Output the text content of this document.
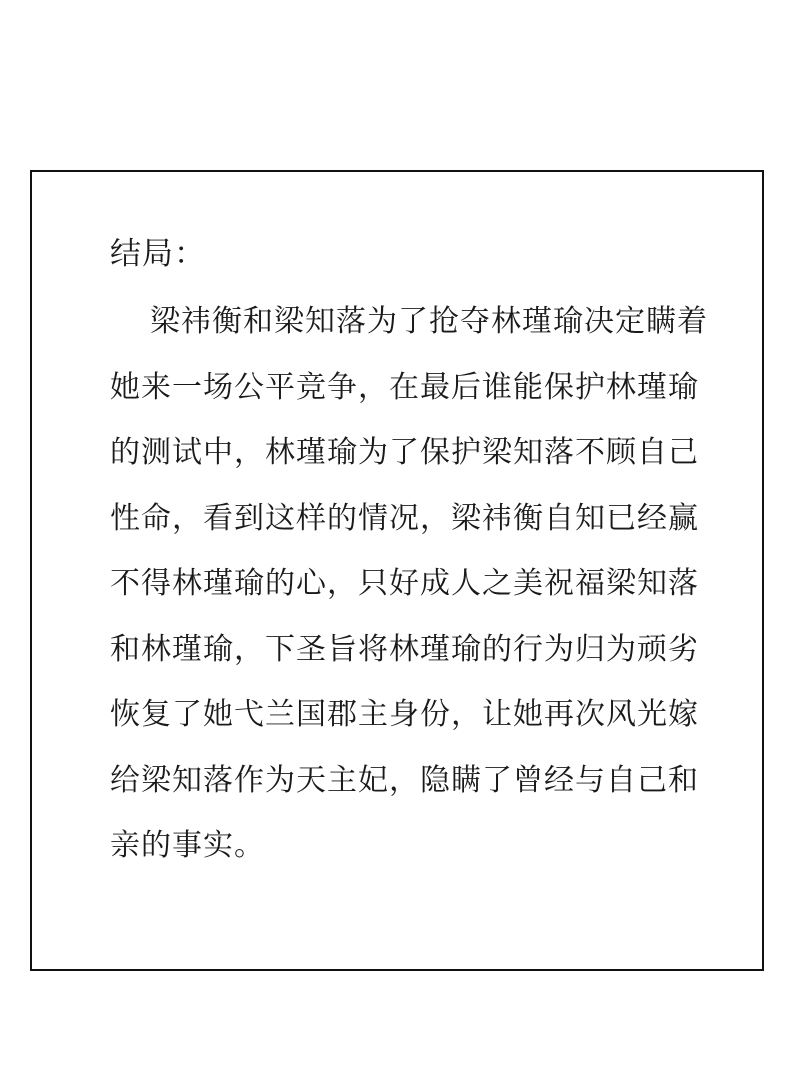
结局：
梁祎衡和梁知落为了抢夺林瑾瑜决定瞒着
她来一场公平竞争，在最后谁能保护林瑾瑜
的测试中，林瑾瑜为了保护梁知落不顾自己
性命，看到这样的情况，梁祎衡自知已经赢
不得林瑾瑜的心，只好成人之美祝福梁知落
和林瑾瑜，下圣旨将林瑾瑜的行为归为顽劣
恢复了她弋兰国郡主身份，让她再次风光嫁
给梁知落作为天主妃，隐瞒了曾经与自己和
亲的事实。
